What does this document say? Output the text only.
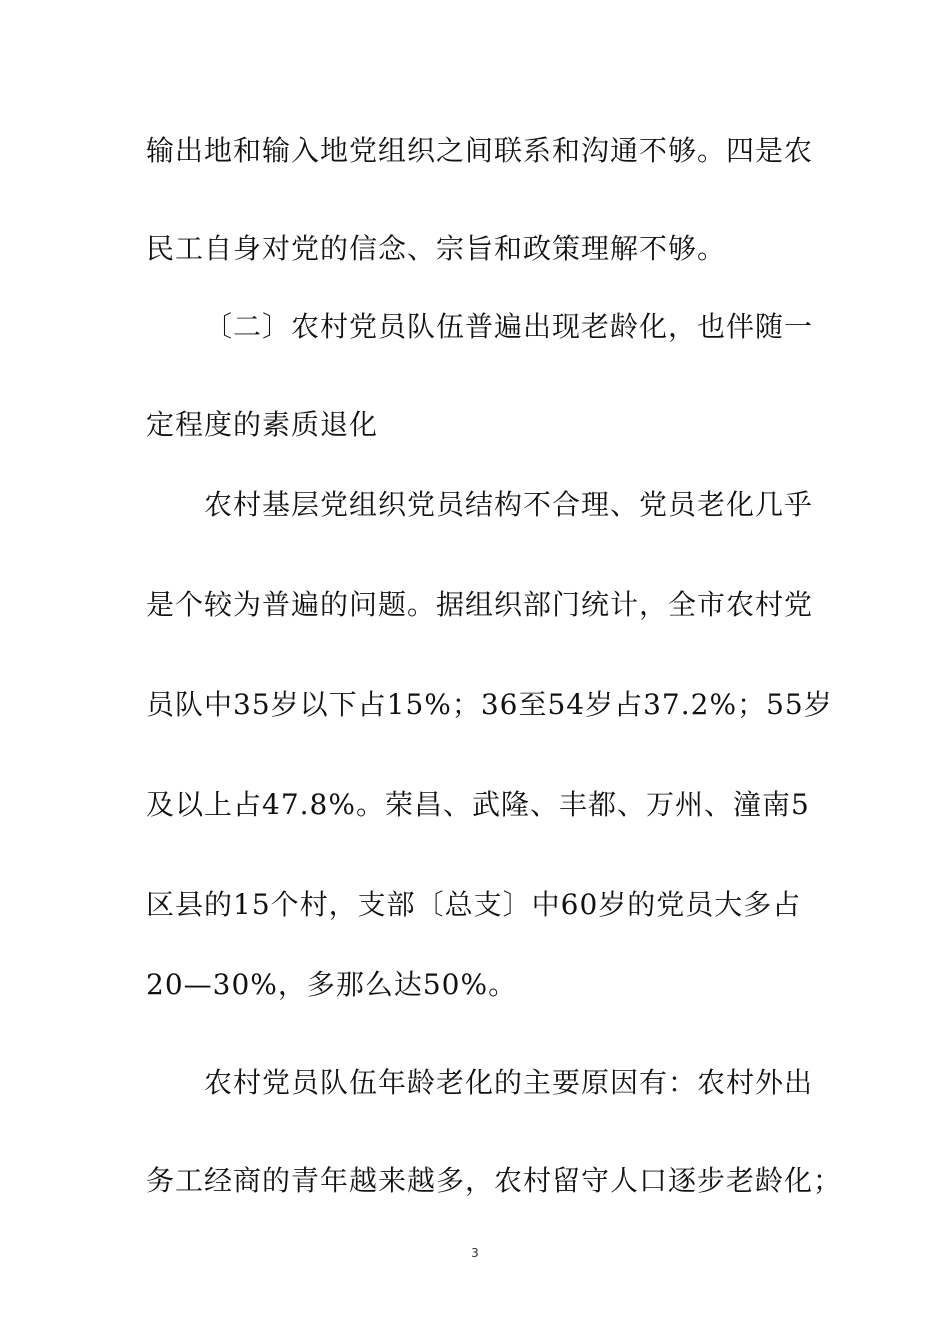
输出地和输入地党组织之间联系和沟通不够。四是农
民工自身对党的信念、宗旨和政策理解不够。
〔二〕农村党员队伍普遍出现老龄化，也伴随一
定程度的素质退化
农村基层党组织党员结构不合理、党员老化几乎
是个较为普遍的问题。据组织部门统计，全市农村党
员队中35岁以下占15%；36至54岁占37.2%；55岁
及以上占47.8%。荣昌、武隆、丰都、万州、潼南5
区县的15个村，支部〔总支〕中60岁的党员大多占
20—30%，多那么达50%。
农村党员队伍年龄老化的主要原因有：农村外出
务工经商的青年越来越多，农村留守人口逐步老龄化；
3
